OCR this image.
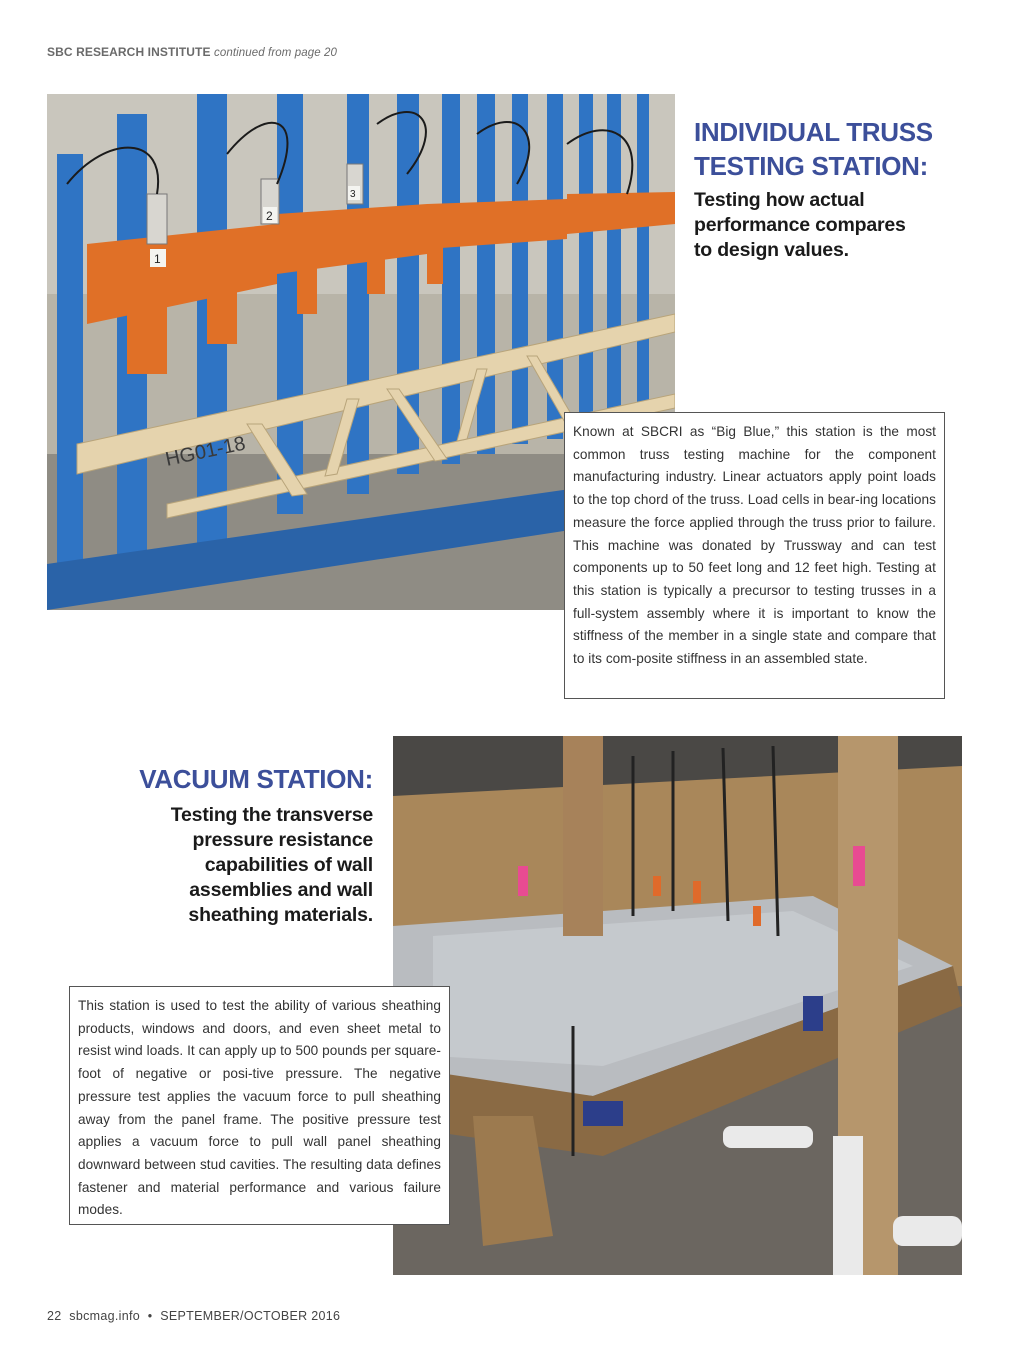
SBC RESEARCH INSTITUTE continued from page 20
HG01-18
1
2
3
INDIVIDUAL TRUSS
TESTING STATION:

Testing how actual
performance compares
to design values.

Known at SBCRI as “Big Blue,” this station is the most common truss testing machine for the component manufacturing industry. Linear actuators apply point loads to the top chord of the truss. Load cells in bear-ing locations measure the force applied through the truss prior to failure. This machine was donated by Trussway and can test components up to 50 feet long and 12 feet high. Testing at this station is typically a precursor to testing trusses in a full-system assembly where it is important to know the stiffness of the member in a single state and compare that to its com-posite stiffness in an assembled state.
VACUUM STATION:

Testing the transverse
pressure resistance
capabilities of wall
assemblies and wall
sheathing materials.

This station is used to test the ability of various sheathing products, windows and doors, and even sheet metal to resist wind loads. It can apply up to 500 pounds per square-foot of negative or posi-tive pressure. The negative pressure test applies the vacuum force to pull sheathing away from the panel frame. The positive pressure test applies a vacuum force to pull wall panel sheathing downward between stud cavities. The resulting data defines fastener and material performance and various failure modes.
22 sbcmag.info • SEPTEMBER/OCTOBER 2016
